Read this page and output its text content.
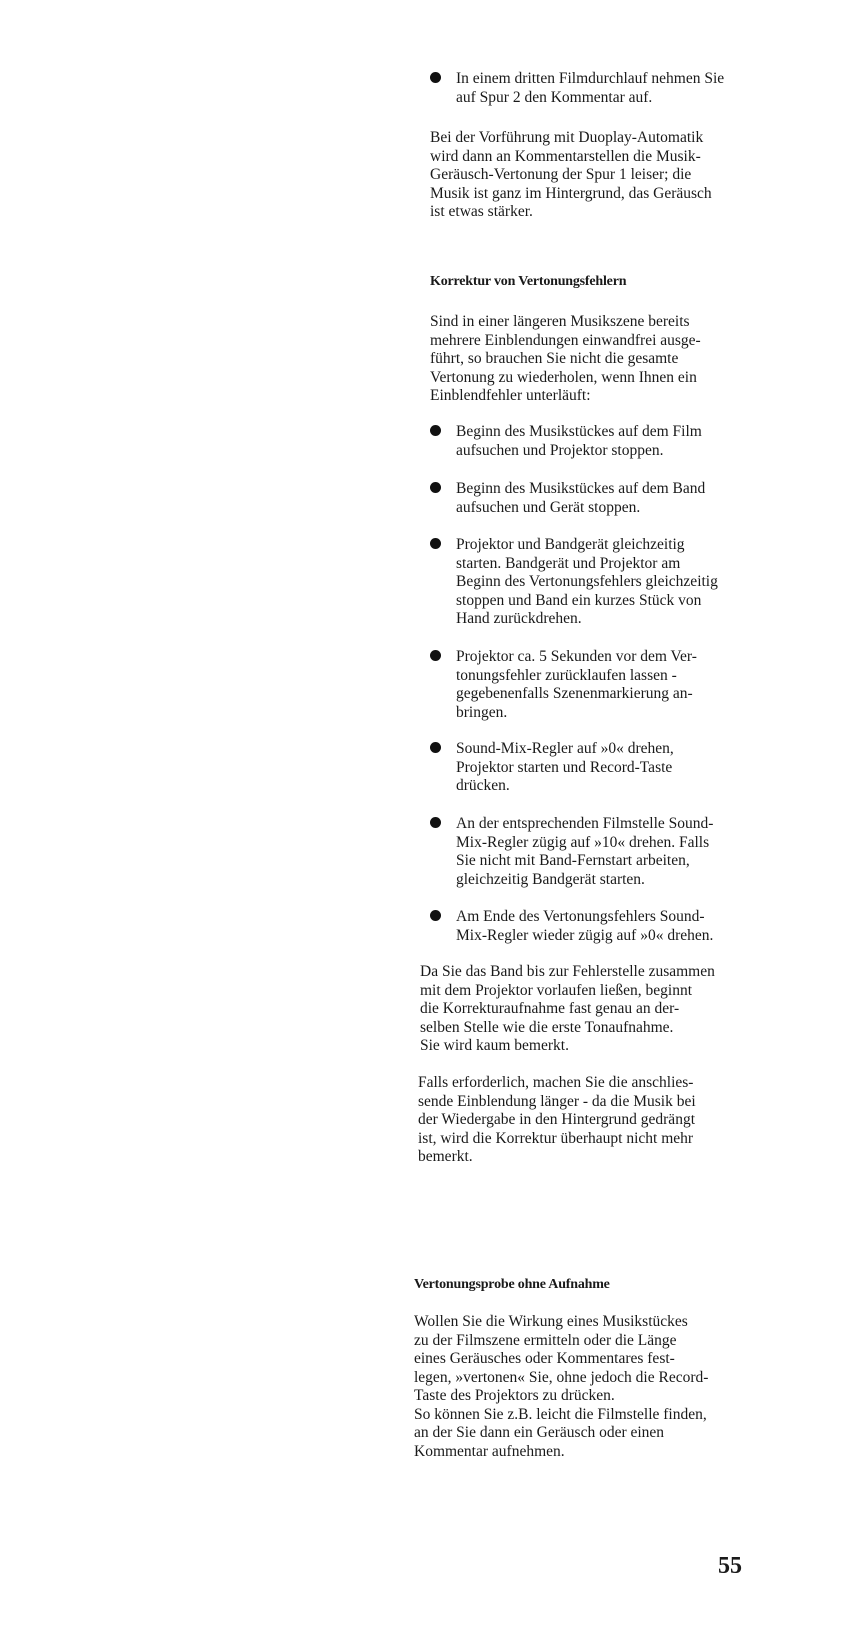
In einem dritten Filmdurchlauf nehmen Sie
auf Spur 2 den Kommentar auf.
Bei der Vorführung mit Duoplay-Automatik
wird dann an Kommentarstellen die Musik-
Geräusch-Vertonung der Spur 1 leiser; die
Musik ist ganz im Hintergrund, das Geräusch
ist etwas stärker.
Korrektur von Vertonungsfehlern
Sind in einer längeren Musikszene bereits
mehrere Einblendungen einwandfrei ausge-
führt, so brauchen Sie nicht die gesamte
Vertonung zu wiederholen, wenn Ihnen ein
Einblendfehler unterläuft:
Beginn des Musikstückes auf dem Film
aufsuchen und Projektor stoppen.
Beginn des Musikstückes auf dem Band
aufsuchen und Gerät stoppen.
Projektor und Bandgerät gleichzeitig
starten. Bandgerät und Projektor am
Beginn des Vertonungsfehlers gleichzeitig
stoppen und Band ein kurzes Stück von
Hand zurückdrehen.
Projektor ca. 5 Sekunden vor dem Ver-
tonungsfehler zurücklaufen lassen -
gegebenenfalls Szenenmarkierung an-
bringen.
Sound-Mix-Regler auf »0« drehen,
Projektor starten und Record-Taste
drücken.
An der entsprechenden Filmstelle Sound-
Mix-Regler zügig auf »10« drehen. Falls
Sie nicht mit Band-Fernstart arbeiten,
gleichzeitig Bandgerät starten.
Am Ende des Vertonungsfehlers Sound-
Mix-Regler wieder zügig auf »0« drehen.
Da Sie das Band bis zur Fehlerstelle zusammen
mit dem Projektor vorlaufen ließen, beginnt
die Korrekturaufnahme fast genau an der-
selben Stelle wie die erste Tonaufnahme.
Sie wird kaum bemerkt.
Falls erforderlich, machen Sie die anschlies-
sende Einblendung länger - da die Musik bei
der Wiedergabe in den Hintergrund gedrängt
ist, wird die Korrektur überhaupt nicht mehr
bemerkt.
Vertonungsprobe ohne Aufnahme
Wollen Sie die Wirkung eines Musikstückes
zu der Filmszene ermitteln oder die Länge
eines Geräusches oder Kommentares fest-
legen, »vertonen« Sie, ohne jedoch die Record-
Taste des Projektors zu drücken.
So können Sie z.B. leicht die Filmstelle finden,
an der Sie dann ein Geräusch oder einen
Kommentar aufnehmen.
55
